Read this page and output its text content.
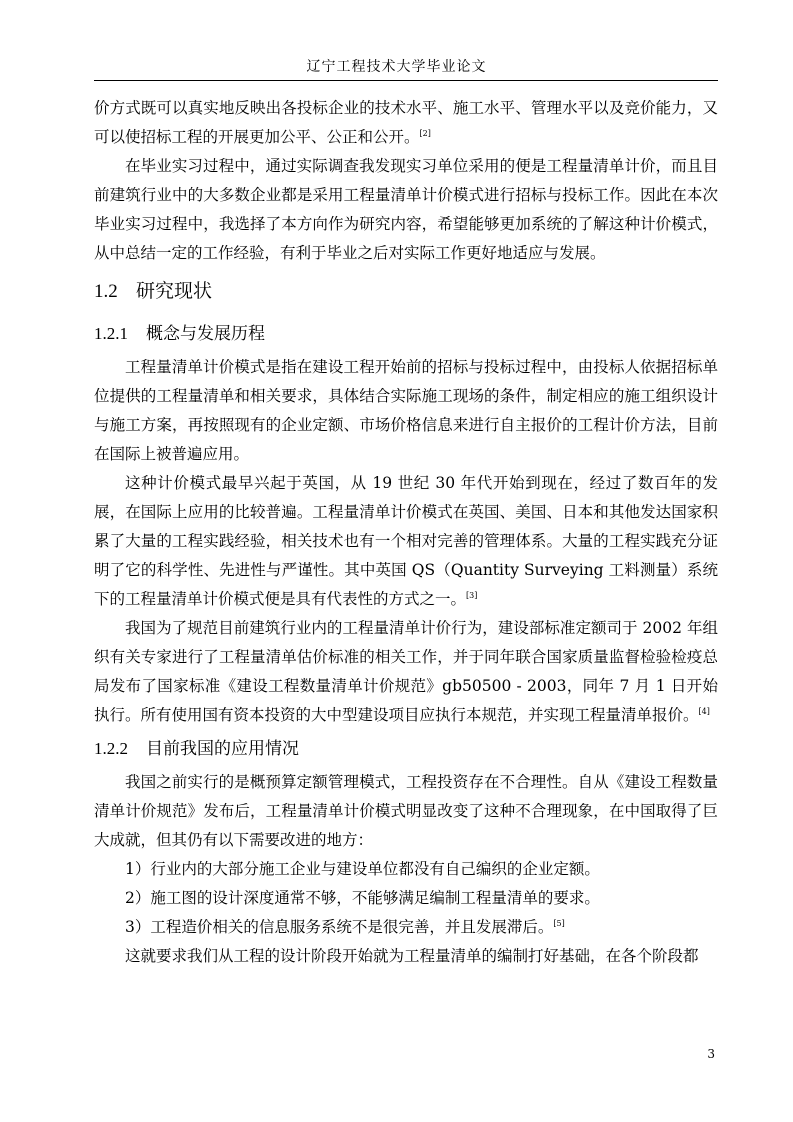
辽宁工程技术大学毕业论文

价方式既可以真实地反映出各投标企业的技术水平、施工水平、管理水平以及竞价能力，又可以使招标工程的开展更加公平、公正和公开。[2]

在毕业实习过程中，通过实际调查我发现实习单位采用的便是工程量清单计价，而且目前建筑行业中的大多数企业都是采用工程量清单计价模式进行招标与投标工作。因此在本次毕业实习过程中，我选择了本方向作为研究内容，希望能够更加系统的了解这种计价模式，从中总结一定的工作经验，有利于毕业之后对实际工作更好地适应与发展。

1.2 研究现状
1.2.1 概念与发展历程

工程量清单计价模式是指在建设工程开始前的招标与投标过程中，由投标人依据招标单位提供的工程量清单和相关要求，具体结合实际施工现场的条件，制定相应的施工组织设计与施工方案，再按照现有的企业定额、市场价格信息来进行自主报价的工程计价方法，目前在国际上被普遍应用。

这种计价模式最早兴起于英国，从 19 世纪 30 年代开始到现在，经过了数百年的发展，在国际上应用的比较普遍。工程量清单计价模式在英国、美国、日本和其他发达国家积累了大量的工程实践经验，相关技术也有一个相对完善的管理体系。大量的工程实践充分证明了它的科学性、先进性与严谨性。其中英国 QS（Quantity Surveying 工料测量）系统下的工程量清单计价模式便是具有代表性的方式之一。[3]

我国为了规范目前建筑行业内的工程量清单计价行为，建设部标准定额司于 2002 年组织有关专家进行了工程量清单估价标准的相关工作，并于同年联合国家质量监督检验检疫总局发布了国家标准《建设工程数量清单计价规范》gb50500 - 2003，同年 7 月 1 日开始执行。所有使用国有资本投资的大中型建设项目应执行本规范，并实现工程量清单报价。[4]

1.2.2 目前我国的应用情况

我国之前实行的是概预算定额管理模式，工程投资存在不合理性。自从《建设工程数量清单计价规范》发布后，工程量清单计价模式明显改变了这种不合理现象，在中国取得了巨大成就，但其仍有以下需要改进的地方：

1）行业内的大部分施工企业与建设单位都没有自己编织的企业定额。

2）施工图的设计深度通常不够，不能够满足编制工程量清单的要求。

3）工程造价相关的信息服务系统不是很完善，并且发展滞后。[5]

这就要求我们从工程的设计阶段开始就为工程量清单的编制打好基础，在各个阶段都

3
